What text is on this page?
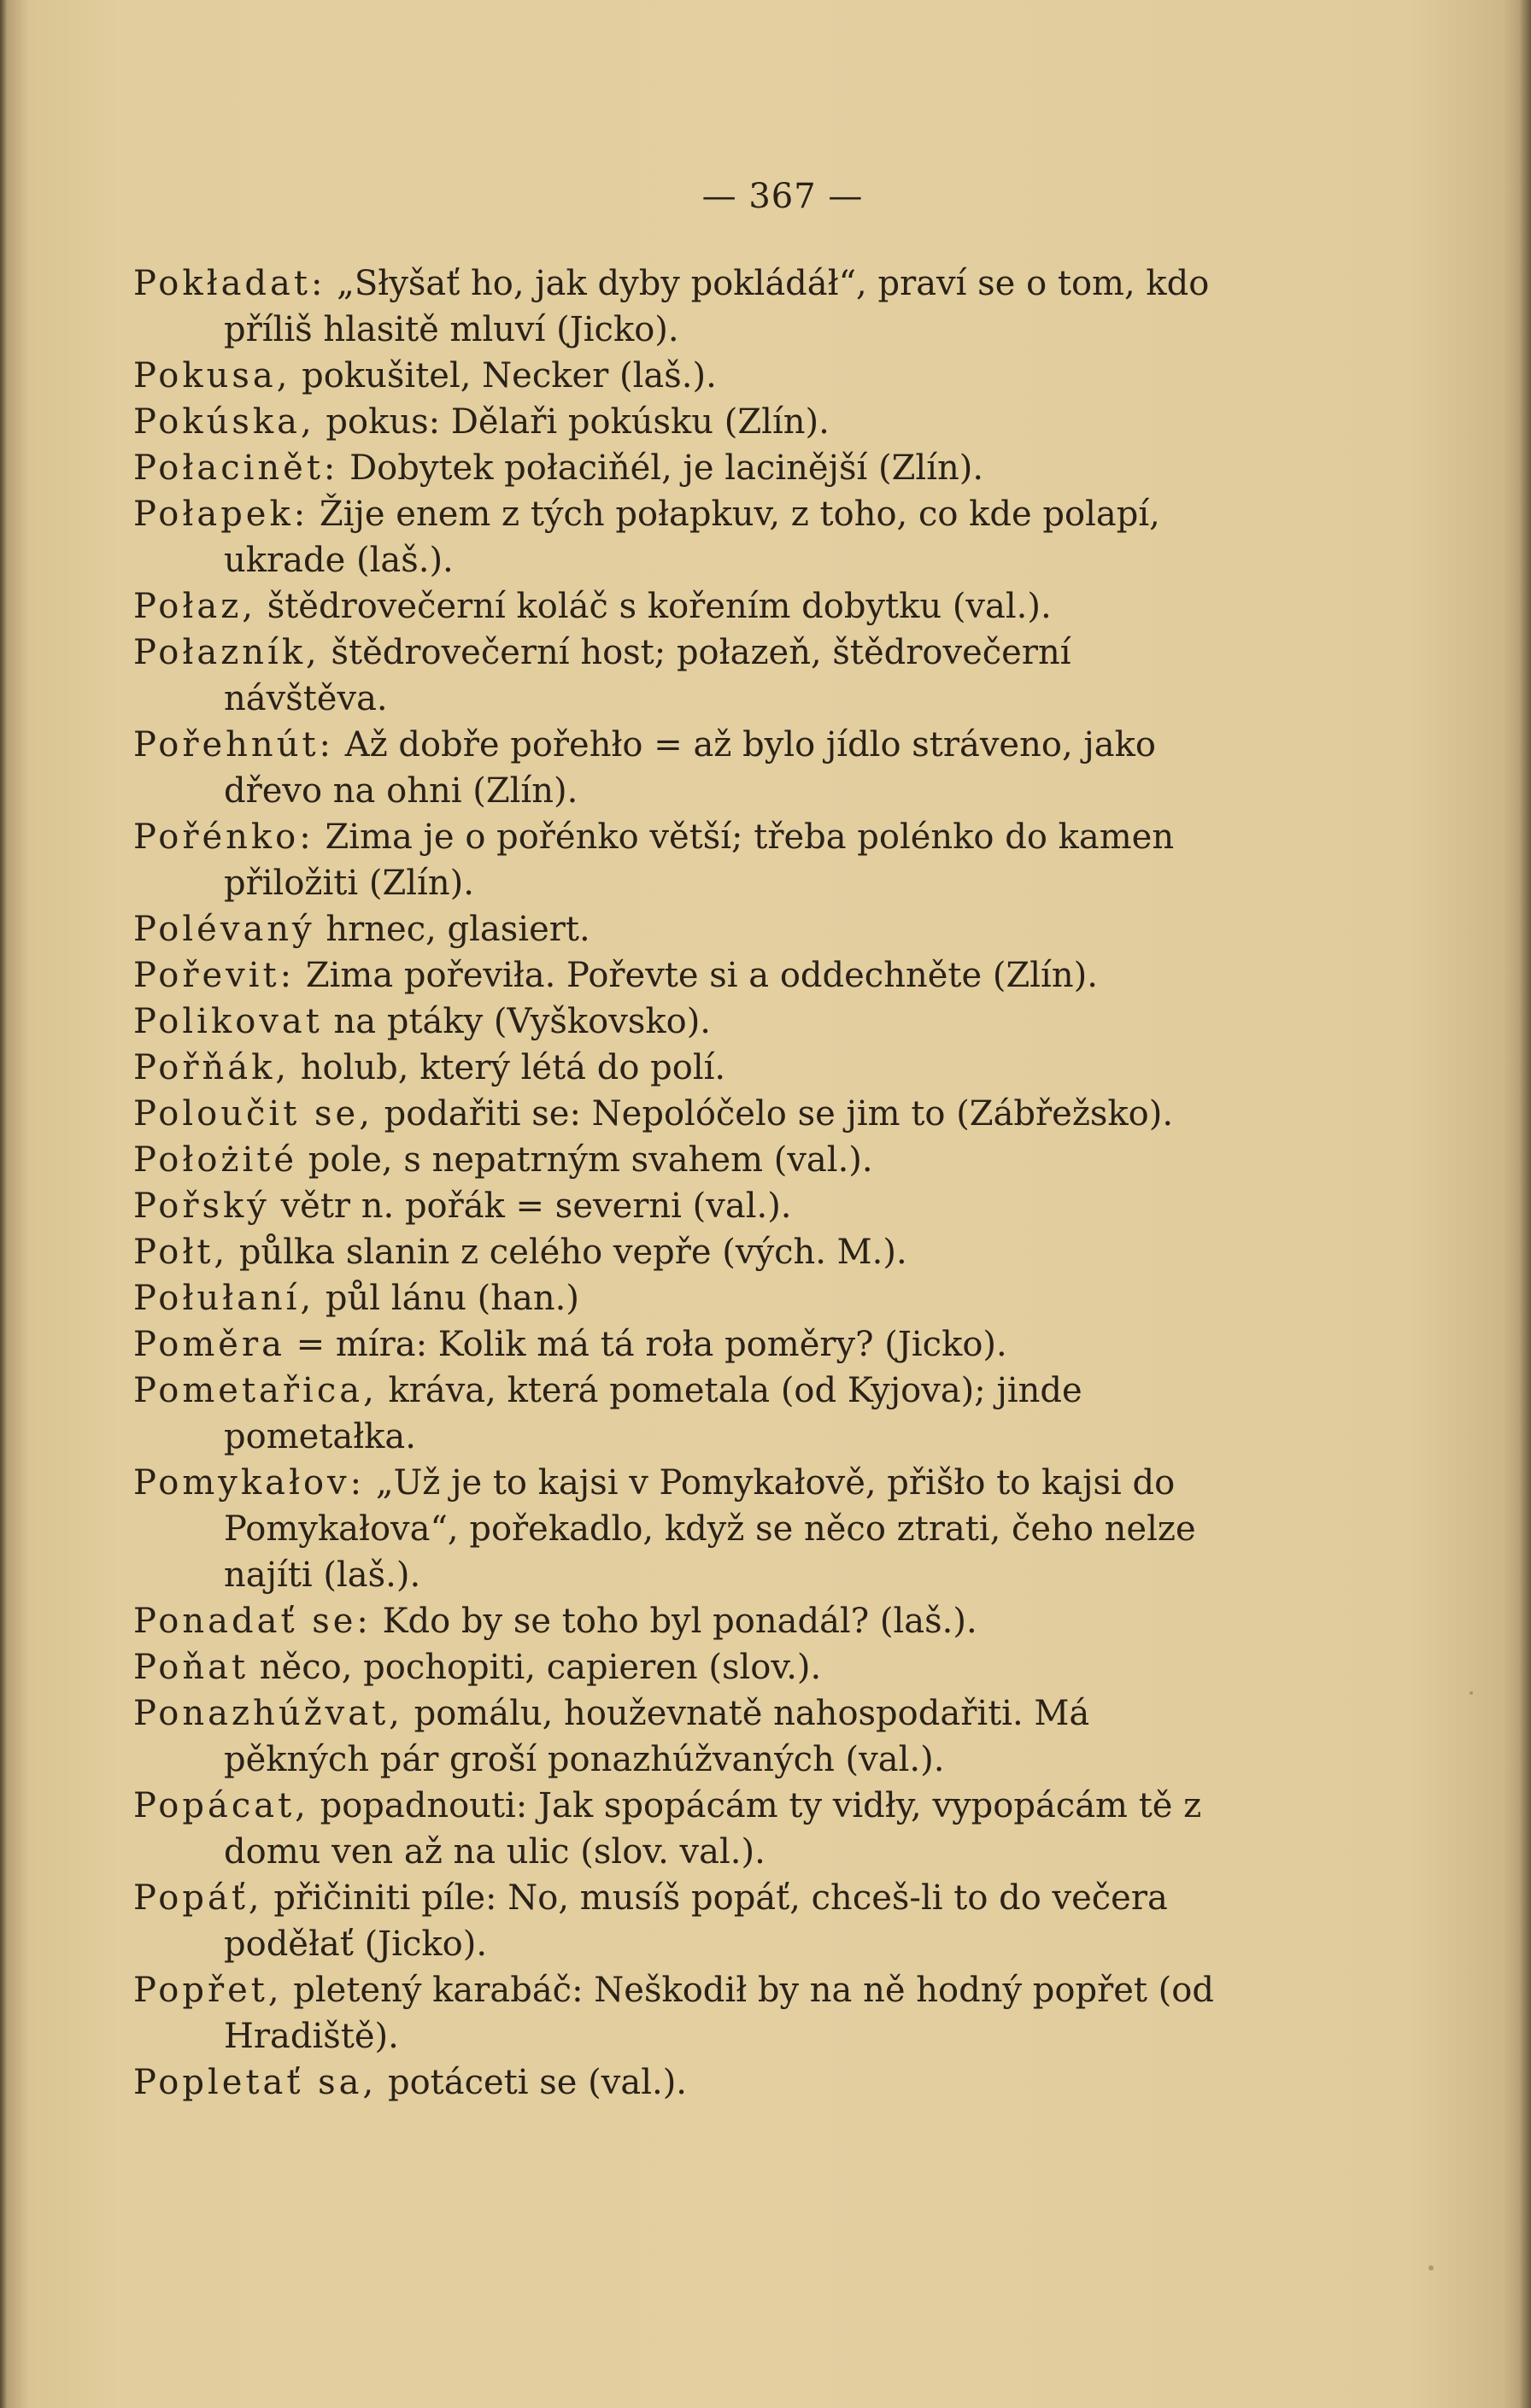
— 367 —
Pokładat: „Słyšať ho, jak dyby pokládáł“, praví se o tom, kdo příliš hlasitě mluví (Jicko).
Pokusa, pokušitel, Necker (laš.).
Pokúska, pokus: Dělaři pokúsku (Zlín).
Połacinět: Dobytek połaciňél, je lacinější (Zlín).
Połapek: Žije enem z tých połapkuv, z toho, co kde polapí, ukrade (laš.).
Połaz, štědrovečerní koláč s kořením dobytku (val.).
Połazník, štědrovečerní host; połazeň, štědrovečerní návštěva.
Pořehnút: Až dobře pořehło = až bylo jídlo stráveno, jako dřevo na ohni (Zlín).
Pořénko: Zima je o pořénko větší; třeba polénko do kamen přiložiti (Zlín).
Polévaný hrnec, glasiert.
Pořevit: Zima pořeviła. Pořevte si a oddechněte (Zlín).
Polikovat na ptáky (Vyškovsko).
Pořňák, holub, který létá do polí.
Polоučit se, podařiti se: Nepolóčelo se jim to (Zábřežsko).
Położité pole, s nepatrným svahem (val.).
Pořský větr n. pořák = severni (val.).
Połt, půlka slanin z celého vepře (vých. M.).
Połułaní, půl lánu (han.)
Poměra = míra: Kolik má tá roła poměry? (Jicko).
Pometařica, kráva, která pometala (od Kyjova); jinde pometałka.
Pomykałov: „Už je to kajsi v Pomykałově, přišło to kajsi do Pomykałova“, pořekadlo, když se něco ztrati, čeho nelze najíti (laš.).
Ponadať se: Kdo by se toho byl ponadál? (laš.).
Poňat něco, pochopiti, capieren (slov.).
Ponazhúžvat, pomálu, houževnatě nahospodařiti. Má pěkných pár groší ponazhúžvaných (val.).
Popácat, popadnouti: Jak spopácám ty vidły, vypopácám tě z domu ven až na ulic (slov. val.).
Popáť, přičiniti píle: No, musíš popáť, chceš-li to do večera poděłať (Jicko).
Popřet, pletený karabáč: Neškodił by na ně hodný popřet (od Hradiště).
Popletať sa, potáceti se (val.).
